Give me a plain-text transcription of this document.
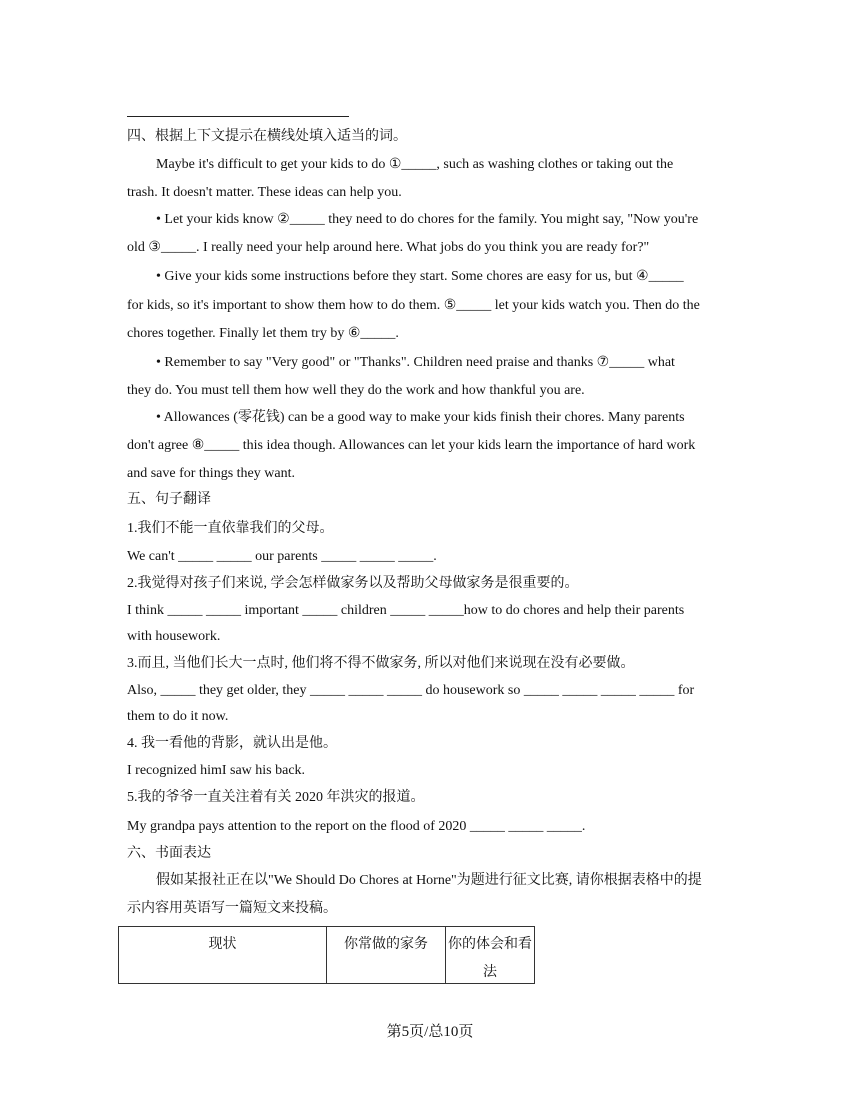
四、根据上下文提示在横线处填入适当的词。
Maybe it's difficult to get your kids to do ①_____, such as washing clothes or taking out the
trash. It doesn't matter. These ideas can help you.
• Let your kids know ②_____ they need to do chores for the family. You might say, "Now you're
old ③_____. I really need your help around here. What jobs do you think you are ready for?"
• Give your kids some instructions before they start. Some chores are easy for us, but ④_____
for kids, so it's important to show them how to do them. ⑤_____ let your kids watch you. Then do the
chores together. Finally let them try by ⑥_____.
• Remember to say "Very good" or "Thanks". Children need praise and thanks ⑦_____ what
they do. You must tell them how well they do the work and how thankful you are.
• Allowances (零花钱) can be a good way to make your kids finish their chores. Many parents
don't agree ⑧_____ this idea though. Allowances can let your kids learn the importance of hard work
and save for things they want.
五、句子翻译
1.我们不能一直依靠我们的父母。
We can't _____ _____ our parents _____ _____ _____.
2.我觉得对孩子们来说, 学会怎样做家务以及帮助父母做家务是很重要的。
I think _____ _____ important _____ children _____ _____how to do chores and help their parents
with housework.
3.而且, 当他们长大一点时, 他们将不得不做家务, 所以对他们来说现在没有必要做。
Also, _____ they get older, they _____ _____ _____ do housework so _____ _____ _____ _____ for
them to do it now.
4. 我一看他的背影，就认出是他。
I recognized himI saw his back.
5.我的爷爷一直关注着有关 2020 年洪灾的报道。
My grandpa pays attention to the report on the flood of 2020 _____ _____ _____.
六、书面表达
假如某报社正在以"We Should Do Chores at Horne"为题进行征文比赛, 请你根据表格中的提
示内容用英语写一篇短文来投稿。
现状	你常做的家务	你的体会和看法
第5页/总10页
